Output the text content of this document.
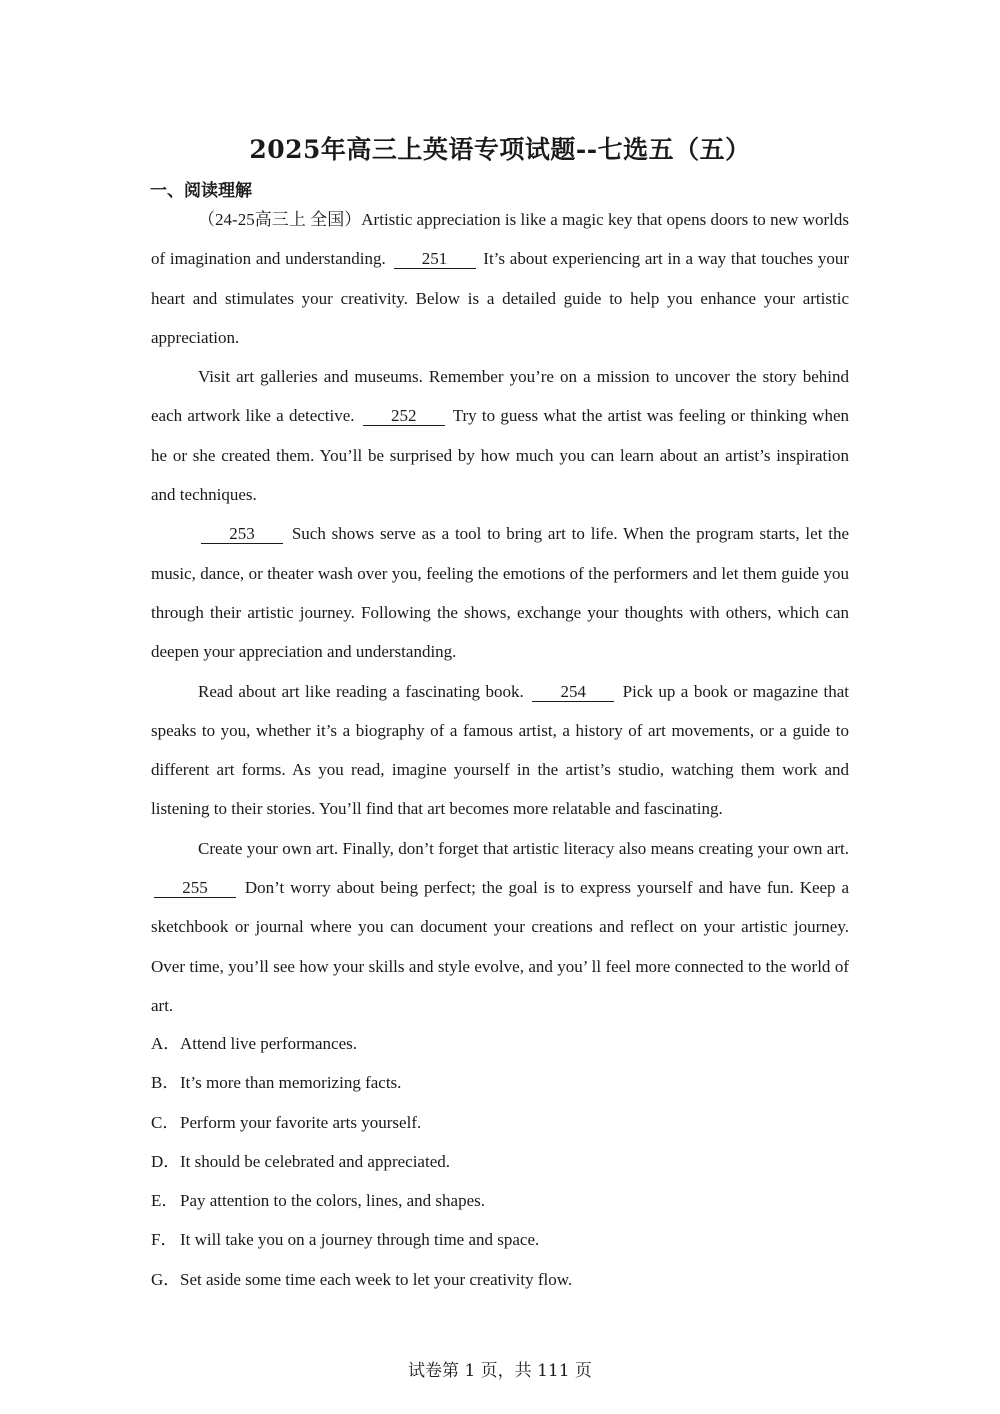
2025年高三上英语专项试题--七选五（五）
一、阅读理解

（24-25高三上 全国）Artistic appreciation is like a magic key that opens doors to new worlds of imagination and understanding. 251 It’s about experiencing art in a way that touches your heart and stimulates your creativity. Below is a detailed guide to help you enhance your artistic appreciation.

Visit art galleries and museums. Remember you’re on a mission to uncover the story behind each artwork like a detective. 252 Try to guess what the artist was feeling or thinking when he or she created them. You’ll be surprised by how much you can learn about an artist’s inspiration and techniques.

253 Such shows serve as a tool to bring art to life. When the program starts, let the music, dance, or theater wash over you, feeling the emotions of the performers and let them guide you through their artistic journey. Following the shows, exchange your thoughts with others, which can deepen your appreciation and understanding.

Read about art like reading a fascinating book. 254 Pick up a book or magazine that speaks to you, whether it’s a biography of a famous artist, a history of art movements, or a guide to different art forms. As you read, imagine yourself in the artist’s studio, watching them work and listening to their stories. You’ll find that art becomes more relatable and fascinating.

Create your own art. Finally, don’t forget that artistic literacy also means creating your own art.255 Don’t worry about being perfect; the goal is to express yourself and have fun. Keep a sketchbook or journal where you can document your creations and reflect on your artistic journey. Over time, you’ll see how your skills and style evolve, and you’ ll feel more connected to the world of art.

A．Attend live performances.
B．It’s more than memorizing facts.
C．Perform your favorite arts yourself.
D．It should be celebrated and appreciated.
E．Pay attention to the colors, lines, and shapes.
F． It will take you on a journey through time and space.
G．Set aside some time each week to let your creativity flow.
试卷第 1 页，共 111 页
